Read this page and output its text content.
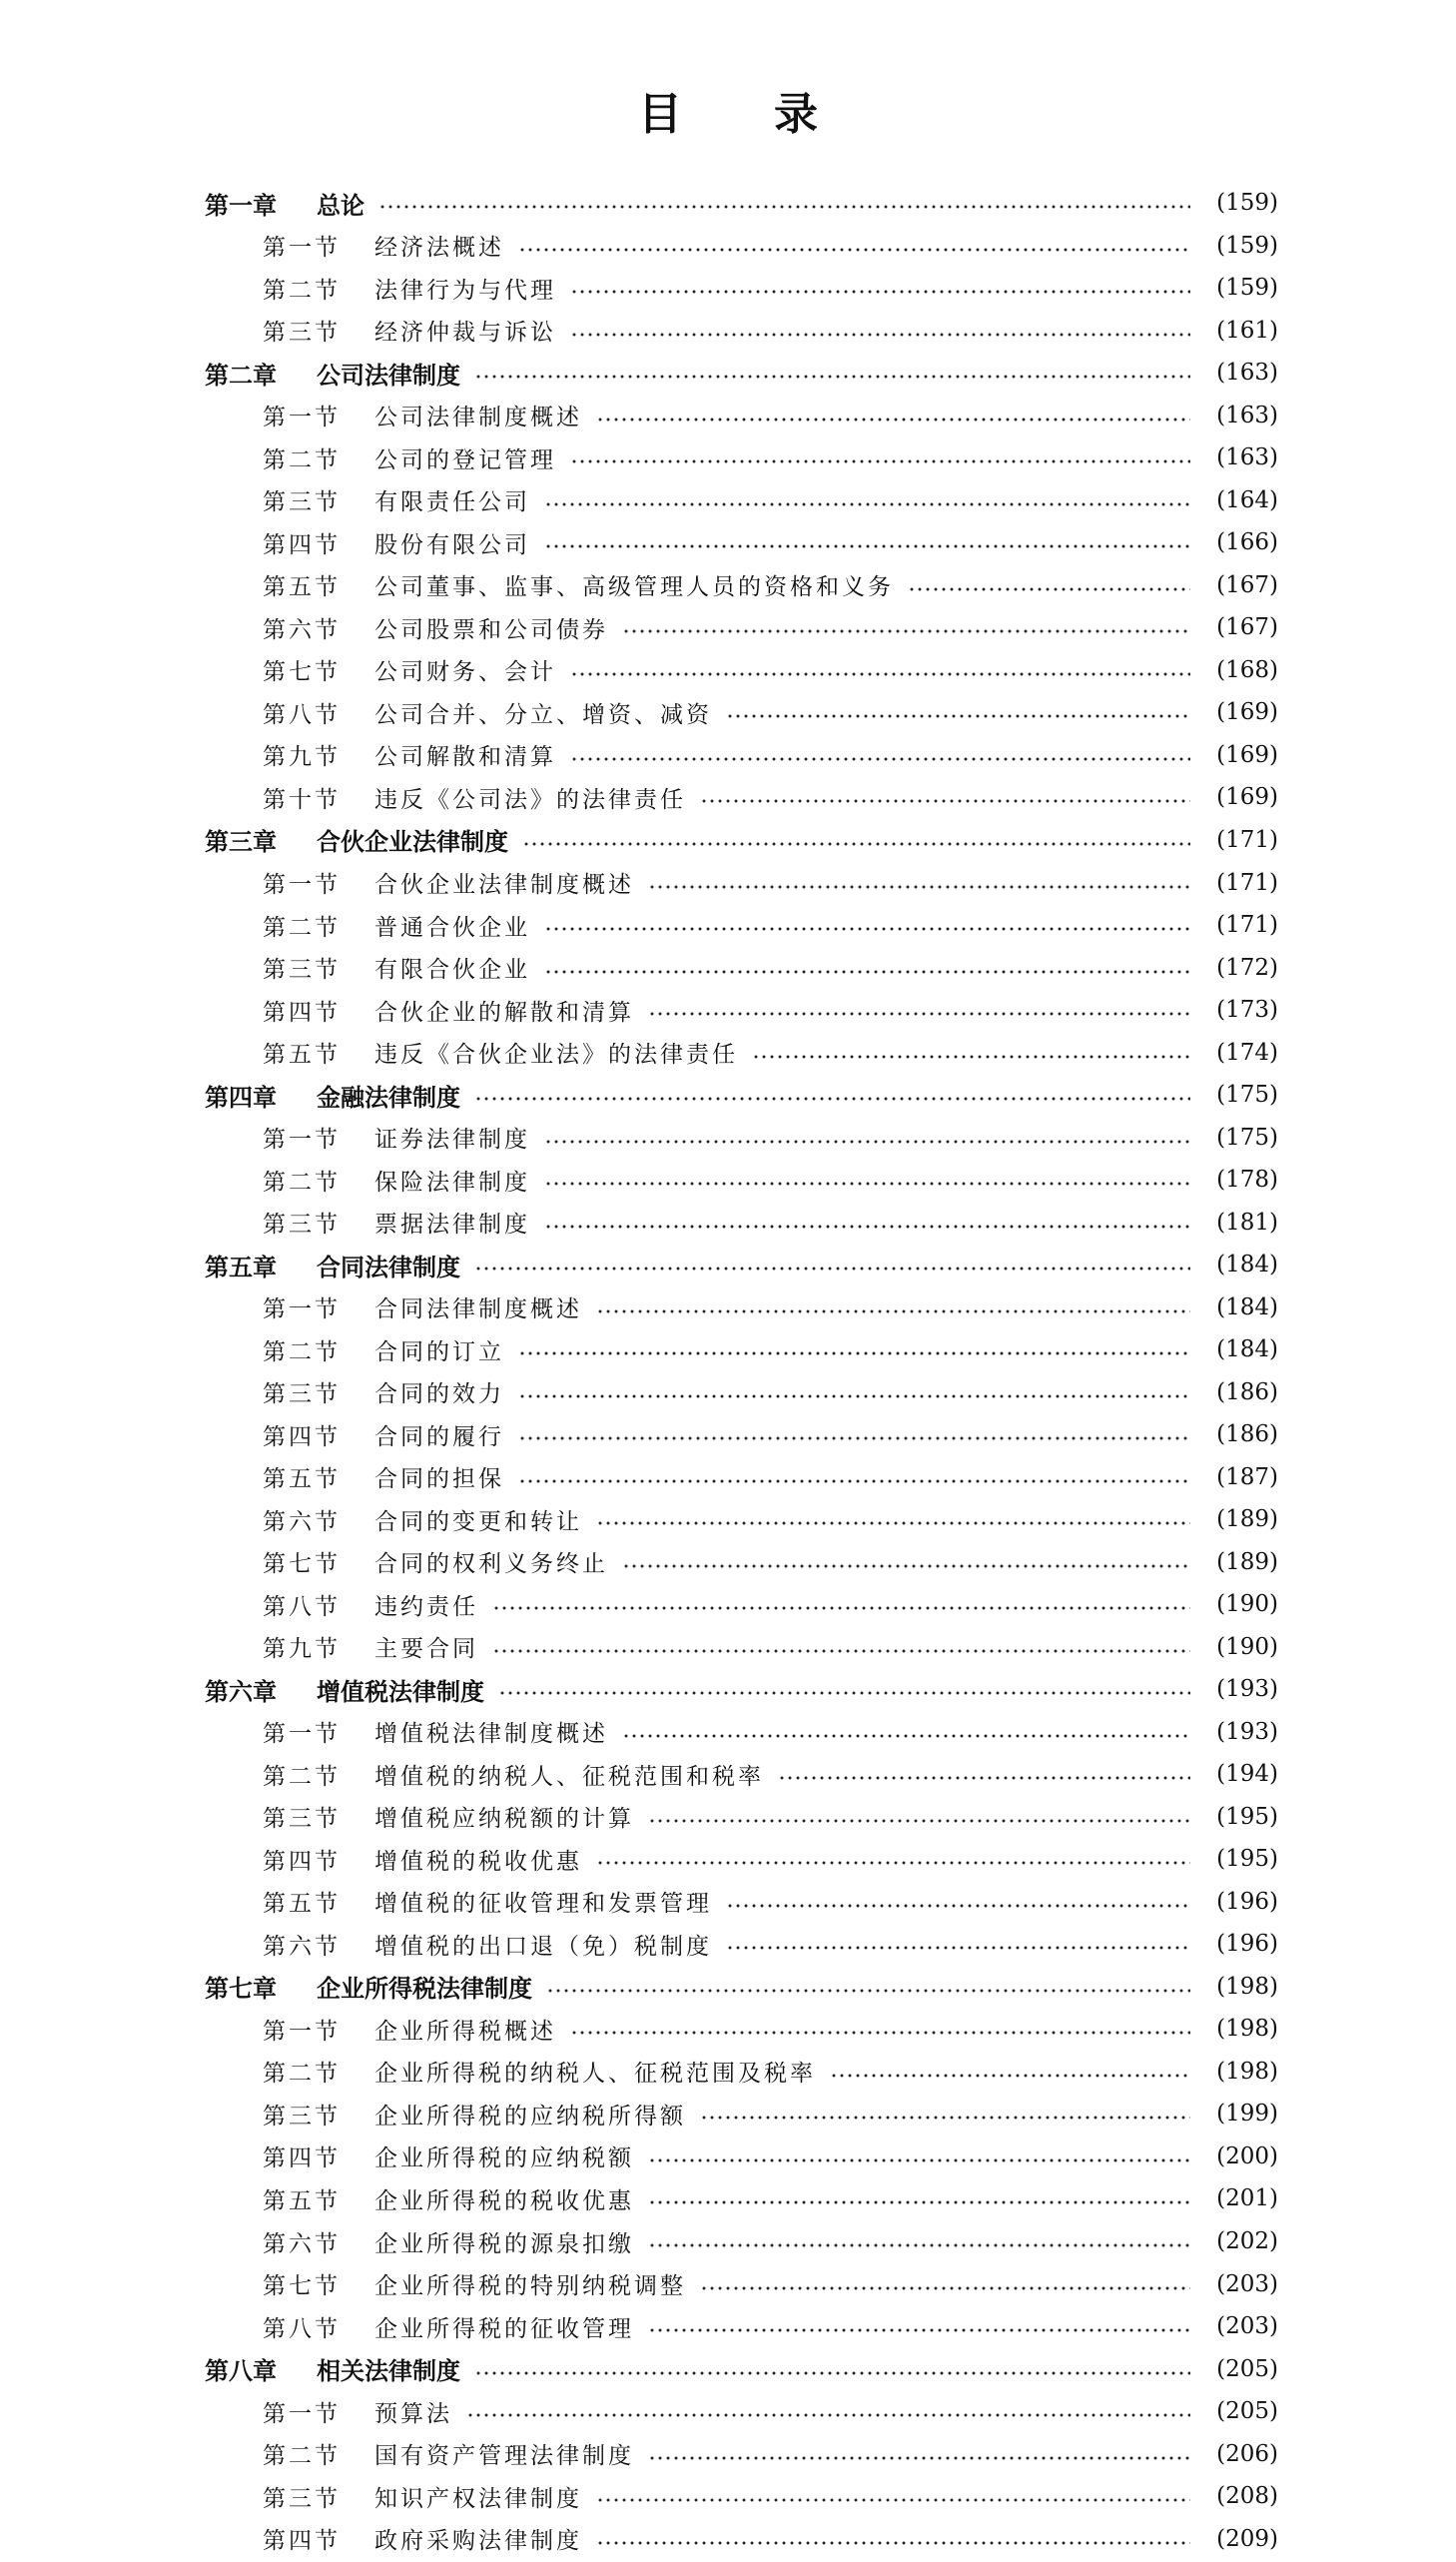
目 录
第一章	总论	(159)
第一节	经济法概述	(159)
第二节	法律行为与代理	(159)
第三节	经济仲裁与诉讼	(161)
第二章	公司法律制度	(163)
第一节	公司法律制度概述	(163)
第二节	公司的登记管理	(163)
第三节	有限责任公司	(164)
第四节	股份有限公司	(166)
第五节	公司董事、监事、高级管理人员的资格和义务	(167)
第六节	公司股票和公司债券	(167)
第七节	公司财务、会计	(168)
第八节	公司合并、分立、增资、减资	(169)
第九节	公司解散和清算	(169)
第十节	违反《公司法》的法律责任	(169)
第三章	合伙企业法律制度	(171)
第一节	合伙企业法律制度概述	(171)
第二节	普通合伙企业	(171)
第三节	有限合伙企业	(172)
第四节	合伙企业的解散和清算	(173)
第五节	违反《合伙企业法》的法律责任	(174)
第四章	金融法律制度	(175)
第一节	证券法律制度	(175)
第二节	保险法律制度	(178)
第三节	票据法律制度	(181)
第五章	合同法律制度	(184)
第一节	合同法律制度概述	(184)
第二节	合同的订立	(184)
第三节	合同的效力	(186)
第四节	合同的履行	(186)
第五节	合同的担保	(187)
第六节	合同的变更和转让	(189)
第七节	合同的权利义务终止	(189)
第八节	违约责任	(190)
第九节	主要合同	(190)
第六章	增值税法律制度	(193)
第一节	增值税法律制度概述	(193)
第二节	增值税的纳税人、征税范围和税率	(194)
第三节	增值税应纳税额的计算	(195)
第四节	增值税的税收优惠	(195)
第五节	增值税的征收管理和发票管理	(196)
第六节	增值税的出口退（免）税制度	(196)
第七章	企业所得税法律制度	(198)
第一节	企业所得税概述	(198)
第二节	企业所得税的纳税人、征税范围及税率	(198)
第三节	企业所得税的应纳税所得额	(199)
第四节	企业所得税的应纳税额	(200)
第五节	企业所得税的税收优惠	(201)
第六节	企业所得税的源泉扣缴	(202)
第七节	企业所得税的特别纳税调整	(203)
第八节	企业所得税的征收管理	(203)
第八章	相关法律制度	(205)
第一节	预算法	(205)
第二节	国有资产管理法律制度	(206)
第三节	知识产权法律制度	(208)
第四节	政府采购法律制度	(209)
